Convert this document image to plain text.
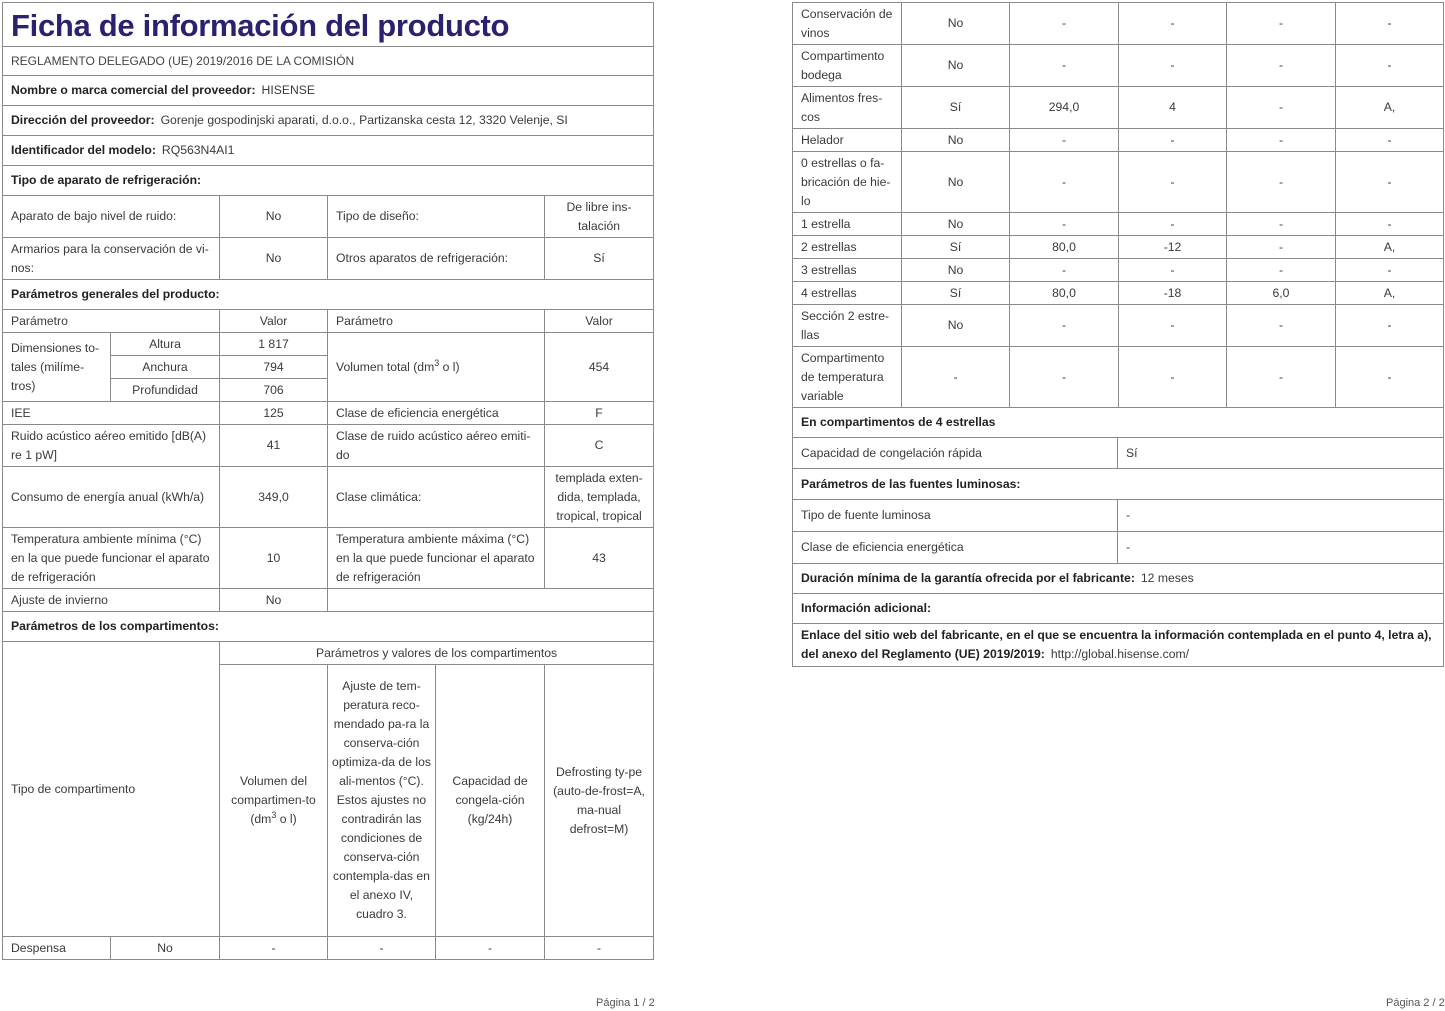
Ficha de información del producto					
REGLAMENTO DELEGADO (UE) 2019/2016 DE LA COMISIÓN					
Nombre o marca comercial del proveedor: HISENSE					
Dirección del proveedor: Gorenje gospodinjski aparati, d.o.o., Partizanska cesta 12, 3320 Velenje, SI					
Identificador del modelo: RQ563N4AI1					
Tipo de aparato de refrigeración:					
Aparato de bajo nivel de ruido:		No	Tipo de diseño:		De libre ins-talación
Armarios para la conservación de vi-nos:		No	Otros aparatos de refrigeración:		Sí
Parámetros generales del producto:					
Parámetro		Valor	Parámetro		Valor
Dimensiones to-tales (milíme-tros)	Altura	1 817	Volumen total ($dm^3$ o l)		454
	Anchura	794			
	Profundidad	706			
IEE		125	Clase de eficiencia energética		F
Ruido acústico aéreo emitido [dB(A) re 1 pW]		41	Clase de ruido acústico aéreo emiti-do		C
Consumo de energía anual (kWh/a)		349,0	Clase climática:		templada exten-dida, templada, tropical, tropical
Temperatura ambiente mínima (°C) en la que puede funcionar el aparato de refrigeración		10	Temperatura ambiente máxima (°C) en la que puede funcionar el aparato de refrigeración		43
Ajuste de invierno		No			
Parámetros de los compartimentos:					
Tipo de compartimento		Parámetros y valores de los compartimentos			
		Volumen del compartimen-to ($dm^3$ o l)	Ajuste de tem-peratura reco-mendado pa-ra la conserva-ción optimiza-da de los ali-mentos (°C). Estos ajustes no contradirán las condiciones de conserva-ción contempla-das en el anexo IV, cuadro 3.	Capacidad de congela-ción (kg/24h)	Defrosting ty-pe (auto-de-frost=A, ma-nual defrost=M)
Despensa	No	-	-	-	-
Página 1 / 2
Conservación de vinos	No	-	-	-	-
Compartimento bodega	No	-	-	-	-
Alimentos fres-cos	Sí	294,0	4	-	A,
Helador	No	-	-	-	-
0 estrellas o fa-bricación de hie-lo	No	-	-	-	-
1 estrella	No	-	-	-	-
2 estrellas	Sí	80,0	-12	-	A,
3 estrellas	No	-	-	-	-
4 estrellas	Sí	80,0	-18	6,0	A,
Sección 2 estre-llas	No	-	-	-	-
Compartimento de temperatura variable	-	-	-	-	-
En compartimentos de 4 estrellas	
Capacidad de congelación rápida	Sí
Parámetros de las fuentes luminosas:	
Tipo de fuente luminosa	-
Clase de eficiencia energética	-
Duración mínima de la garantía ofrecida por el fabricante: 12 meses	
Información adicional:	
Enlace del sitio web del fabricante, en el que se encuentra la información contemplada en el punto 4, letra a), del anexo del Reglamento (UE) 2019/2019: http://global.hisense.com/	
Página 2 / 2
